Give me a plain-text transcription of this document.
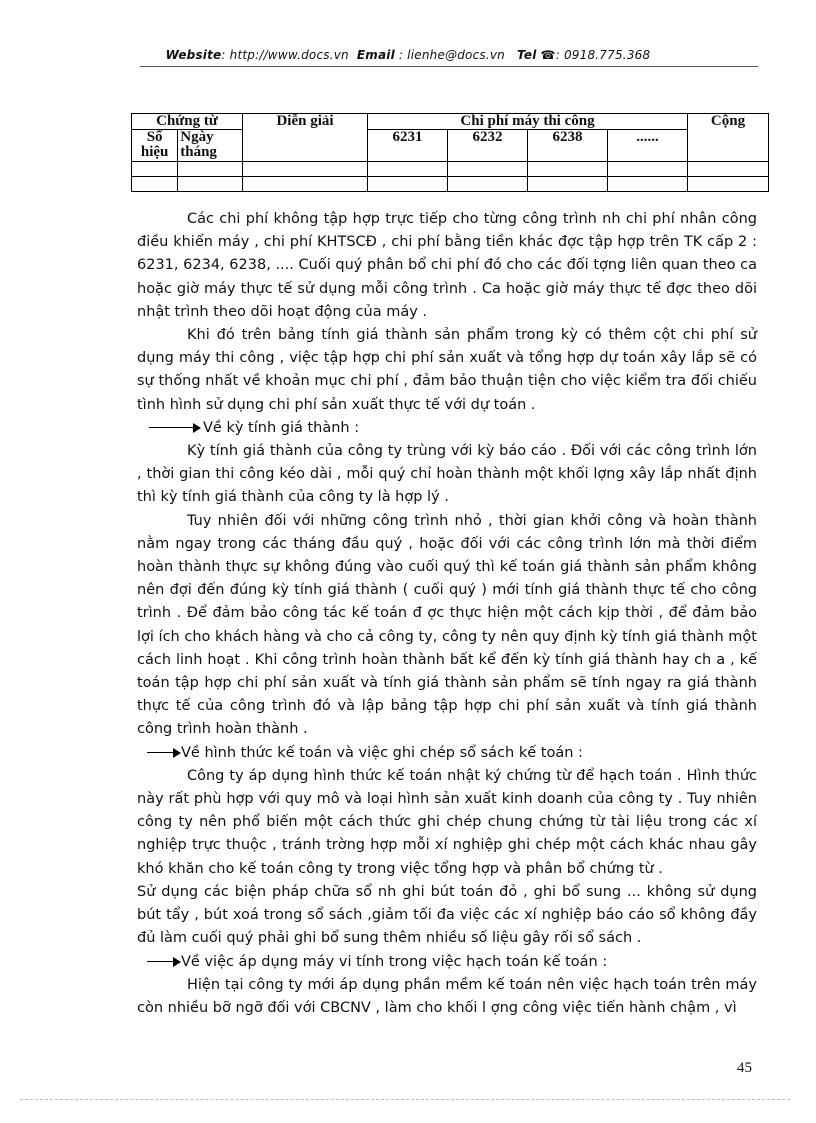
Website: http://www.docs.vn Email : lienhe@docs.vn Tel ☎: 0918.775.368
Chứng từ		Diễn giải	Chi phí máy thi công				Cộng
Số hiệu	Ngày tháng		6231	6232	6238	......	

Các chi phí không tập hợp trực tiếp cho từng công trình nh chi phí nhân công điều khiển máy , chi phí KHTSCĐ , chi phí bằng tiền khác đợc tập hợp trên TK cấp 2 : 6231, 6234, 6238, .... Cuối quý phân bổ chi phí đó cho các đối tợng liên quan theo ca hoặc giờ máy thực tế sử dụng mỗi công trình . Ca hoặc giờ máy thực tế đợc theo dõi nhật trình theo dõi hoạt động của máy .

Khi đó trên bảng tính giá thành sản phẩm trong kỳ có thêm cột chi phí sử dụng máy thi công , việc tập hợp chi phí sản xuất và tổng hợp dự toán xây lắp sẽ có sự thống nhất về khoản mục chi phí , đảm bảo thuận tiện cho việc kiểm tra đối chiếu tình hình sử dụng chi phí sản xuất thực tế với dự toán .

Về kỳ tính giá thành :

Kỳ tính giá thành của công ty trùng với kỳ báo cáo . Đối với các công trình lớn , thời gian thi công kéo dài , mỗi quý chỉ hoàn thành một khối lợng xây lắp nhất định thì kỳ tính giá thành của công ty là hợp lý .

Tuy nhiên đối với những công trình nhỏ , thời gian khởi công và hoàn thành nằm ngay trong các tháng đầu quý , hoặc đối với các công trình lớn mà thời điểm hoàn thành thực sự không đúng vào cuối quý thì kế toán giá thành sản phẩm không nên đợi đến đúng kỳ tính giá thành ( cuối quý ) mới tính giá thành thực tế cho công trình . Để đảm bảo công tác kế toán đ ợc thực hiện một cách kịp thời , để đảm bảo lợi ích cho khách hàng và cho cả công ty, công ty nên quy định kỳ tính giá thành một cách linh hoạt . Khi công trình hoàn thành bất kể đến kỳ tính giá thành hay ch a , kế toán tập hợp chi phí sản xuất và tính giá thành sản phẩm sẽ tính ngay ra giá thành thực tế của công trình đó và lập bảng tập hợp chi phí sản xuất và tính giá thành công trình hoàn thành .

Về hình thức kế toán và việc ghi chép sổ sách kế toán :

Công ty áp dụng hình thức kế toán nhật ký chứng từ để hạch toán . Hình thức này rất phù hợp với quy mô và loại hình sản xuất kinh doanh của công ty . Tuy nhiên công ty nên phổ biến một cách thức ghi chép chung chứng từ tài liệu trong các xí nghiệp trực thuộc , tránh trờng hợp mỗi xí nghiệp ghi chép một cách khác nhau gây khó khăn cho kế toán công ty trong việc tổng hợp và phân bổ chứng từ .

Sử dụng các biện pháp chữa sổ nh ghi bút toán đỏ , ghi bổ sung ... không sử dụng bút tẩy , bút xoá trong sổ sách ,giảm tối đa việc các xí nghiệp báo cáo sổ không đầy đủ làm cuối quý phải ghi bổ sung thêm nhiều số liệu gây rối sổ sách .

Về việc áp dụng máy vi tính trong việc hạch toán kế toán :

Hiện tại công ty mới áp dụng phần mềm kế toán nên việc hạch toán trên máy còn nhiều bỡ ngỡ đối với CBCNV , làm cho khối l ợng công việc tiến hành chậm , vì

45
